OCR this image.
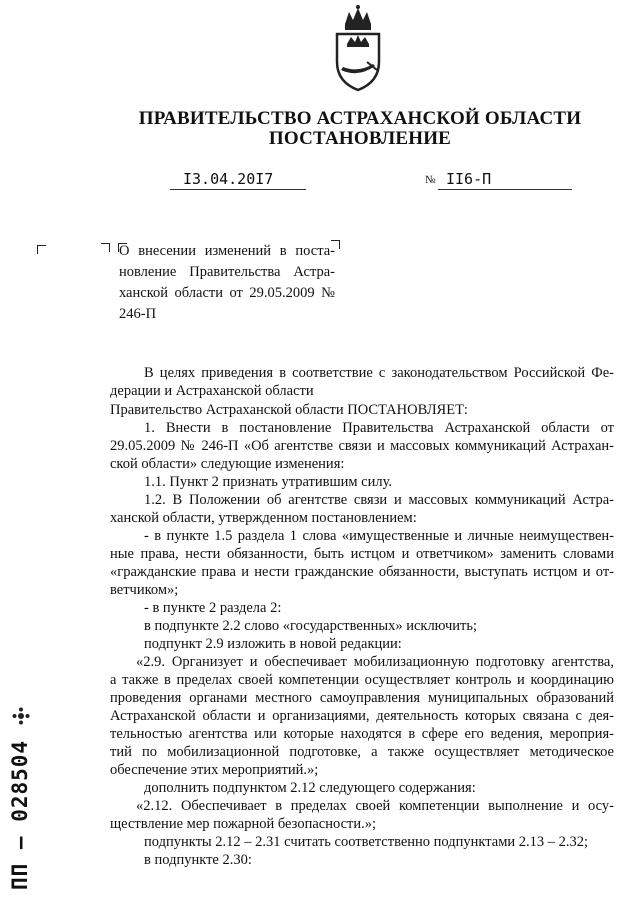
ПРАВИТЕЛЬСТВО АСТРАХАНСКОЙ ОБЛАСТИ
ПОСТАНОВЛЕНИЕ
I3.04.20I7	№ II6-П
О внесении изменений в поста-
новление Правительства Астра-
ханской области от 29.05.2009 №
246-П
В целях приведения в соответствие с законодательством Российской Фе-
дерации и Астраханской области
Правительство Астраханской области ПОСТАНОВЛЯЕТ:
1. Внести в постановление Правительства Астраханской области от
29.05.2009 № 246-П «Об агентстве связи и массовых коммуникаций Астрахан-
ской области» следующие изменения:
1.1. Пункт 2 признать утратившим силу.
1.2. В Положении об агентстве связи и массовых коммуникаций Астра-
ханской области, утвержденном постановлением:
- в пункте 1.5 раздела 1 слова «имущественные и личные неимуществен-
ные права, нести обязанности, быть истцом и ответчиком» заменить словами
«гражданские права и нести гражданские обязанности, выступать истцом и от-
ветчиком»;
- в пункте 2 раздела 2:
в подпункте 2.2 слово «государственных» исключить;
подпункт 2.9 изложить в новой редакции:
«2.9. Организует и обеспечивает мобилизационную подготовку агентства,
а также в пределах своей компетенции осуществляет контроль и координацию
проведения органами местного самоуправления муниципальных образований
Астраханской области и организациями, деятельность которых связана с дея-
тельностью агентства или которые находятся в сфере его ведения, мероприя-
тий по мобилизационной подготовке, а также осуществляет методическое
обеспечение этих мероприятий.»;
дополнить подпунктом 2.12 следующего содержания:
«2.12. Обеспечивает в пределах своей компетенции выполнение и осу-
ществление мер пожарной безопасности.»;
подпункты 2.12 – 2.31 считать соответственно подпунктами 2.13 – 2.32;
в подпункте 2.30:
ПП – 028504
